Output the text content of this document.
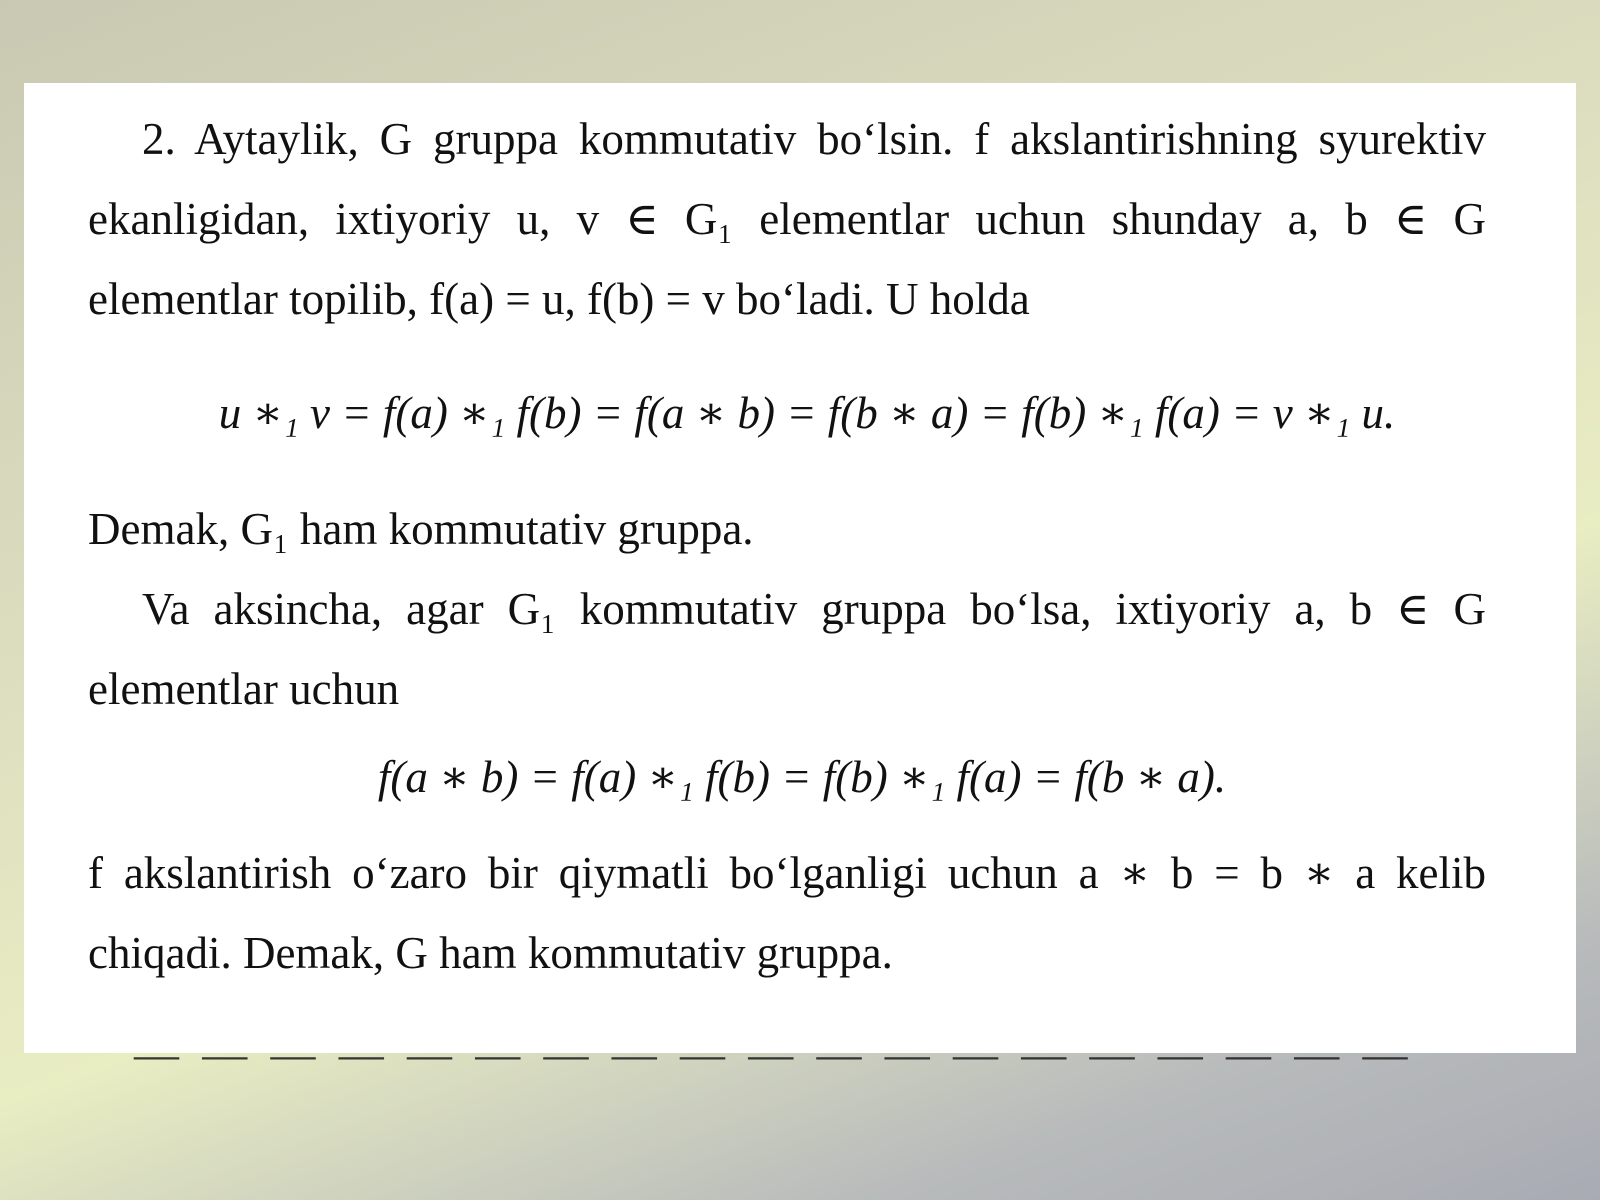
2. Aytaylik, G gruppa kommutativ bo‘lsin. f akslantirishning syurektiv ekanligidan, ixtiyoriy u, v ∈ G₁ elementlar uchun shunday a, b ∈ G elementlar topilib, f(a) = u, f(b) = v bo‘ladi. U holda

u ∗₁ v = f(a) ∗₁ f(b) = f(a ∗ b) = f(b ∗ a) = f(b) ∗₁ f(a) = v ∗₁ u.

Demak, G₁ ham kommutativ gruppa.

Va aksincha, agar G₁ kommutativ gruppa bo‘lsa, ixtiyoriy a, b ∈ G elementlar uchun

f(a ∗ b) = f(a) ∗₁ f(b) = f(b) ∗₁ f(a) = f(b ∗ a).

f akslantirish o‘zaro bir qiymatli bo‘lganligi uchun a ∗ b = b ∗ a kelib chiqadi. Demak, G ham kommutativ gruppa.

― ― ― ― ― ― ― ― ― ― ― ― ― ― ― ― ― ― ―
